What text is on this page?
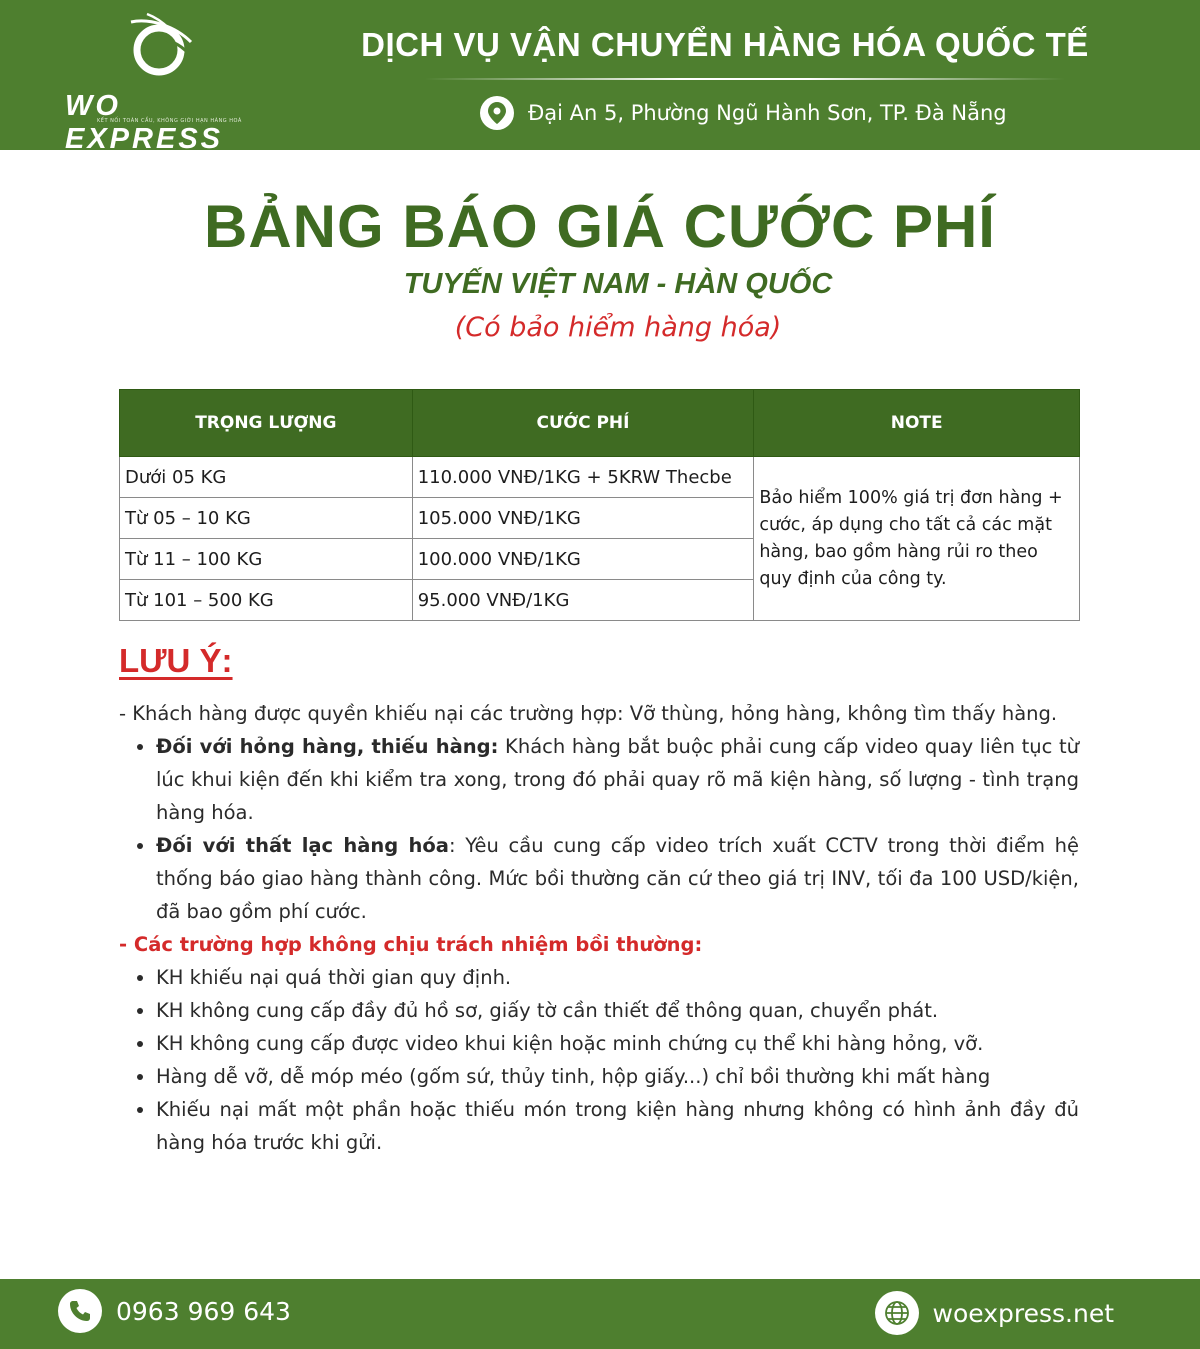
WO EXPRESS
KẾT NỐI TOÀN CẦU, KHÔNG GIỚI HẠN HÀNG HOÁ
DỊCH VỤ VẬN CHUYỂN HÀNG HÓA QUỐC TẾ
Đại An 5, Phường Ngũ Hành Sơn, TP. Đà Nẵng
BẢNG BÁO GIÁ CƯỚC PHÍ
TUYẾN VIỆT NAM - HÀN QUỐC
(Có bảo hiểm hàng hóa)
TRỌNG LƯỢNG	CƯỚC PHÍ	NOTE
Dưới 05 KG	110.000 VNĐ/1KG + 5KRW Thecbe	Bảo hiểm 100% giá trị đơn hàng + cước, áp dụng cho tất cả các mặt hàng, bao gồm hàng rủi ro theo quy định của công ty.
Từ 05 – 10 KG	105.000 VNĐ/1KG	
Từ 11 – 100 KG	100.000 VNĐ/1KG	
Từ 101 – 500 KG	95.000 VNĐ/1KG	
LƯU Ý:

- Khách hàng được quyền khiếu nại các trường hợp: Vỡ thùng, hỏng hàng, không tìm thấy hàng.

• Đối với hỏng hàng, thiếu hàng: Khách hàng bắt buộc phải cung cấp video quay liên tục từ lúc khui kiện đến khi kiểm tra xong, trong đó phải quay rõ mã kiện hàng, số lượng - tình trạng hàng hóa.
• Đối với thất lạc hàng hóa: Yêu cầu cung cấp video trích xuất CCTV trong thời điểm hệ thống báo giao hàng thành công. Mức bồi thường căn cứ theo giá trị INV, tối đa 100 USD/kiện, đã bao gồm phí cước.

- Các trường hợp không chịu trách nhiệm bồi thường:

• KH khiếu nại quá thời gian quy định.
• KH không cung cấp đầy đủ hồ sơ, giấy tờ cần thiết để thông quan, chuyển phát.
• KH không cung cấp được video khui kiện hoặc minh chứng cụ thể khi hàng hỏng, vỡ.
• Hàng dễ vỡ, dễ móp méo (gốm sứ, thủy tinh, hộp giấy...) chỉ bồi thường khi mất hàng
• Khiếu nại mất một phần hoặc thiếu món trong kiện hàng nhưng không có hình ảnh đầy đủ hàng hóa trước khi gửi.
0963 969 643	woexpress.net
